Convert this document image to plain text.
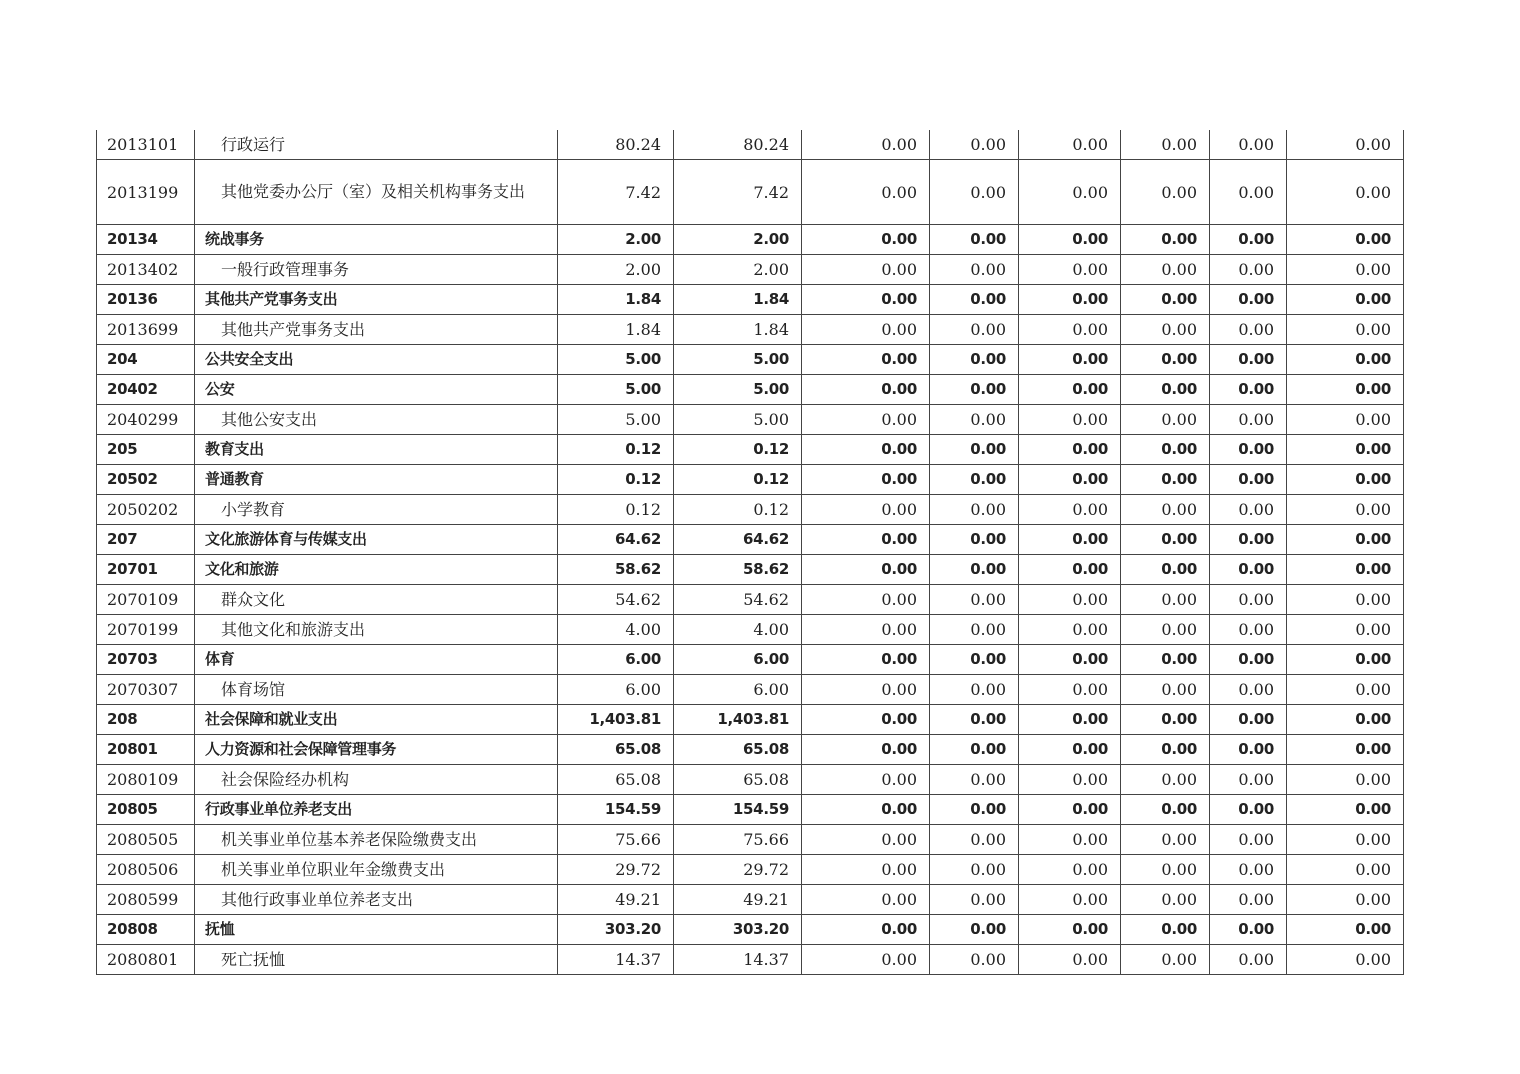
2013101	行政运行	80.24	80.24	0.00	0.00	0.00	0.00	0.00	0.00
2013199	其他党委办公厅（室）及相关机构事务支出	7.42	7.42	0.00	0.00	0.00	0.00	0.00	0.00
20134	统战事务	2.00	2.00	0.00	0.00	0.00	0.00	0.00	0.00
2013402	一般行政管理事务	2.00	2.00	0.00	0.00	0.00	0.00	0.00	0.00
20136	其他共产党事务支出	1.84	1.84	0.00	0.00	0.00	0.00	0.00	0.00
2013699	其他共产党事务支出	1.84	1.84	0.00	0.00	0.00	0.00	0.00	0.00
204	公共安全支出	5.00	5.00	0.00	0.00	0.00	0.00	0.00	0.00
20402	公安	5.00	5.00	0.00	0.00	0.00	0.00	0.00	0.00
2040299	其他公安支出	5.00	5.00	0.00	0.00	0.00	0.00	0.00	0.00
205	教育支出	0.12	0.12	0.00	0.00	0.00	0.00	0.00	0.00
20502	普通教育	0.12	0.12	0.00	0.00	0.00	0.00	0.00	0.00
2050202	小学教育	0.12	0.12	0.00	0.00	0.00	0.00	0.00	0.00
207	文化旅游体育与传媒支出	64.62	64.62	0.00	0.00	0.00	0.00	0.00	0.00
20701	文化和旅游	58.62	58.62	0.00	0.00	0.00	0.00	0.00	0.00
2070109	群众文化	54.62	54.62	0.00	0.00	0.00	0.00	0.00	0.00
2070199	其他文化和旅游支出	4.00	4.00	0.00	0.00	0.00	0.00	0.00	0.00
20703	体育	6.00	6.00	0.00	0.00	0.00	0.00	0.00	0.00
2070307	体育场馆	6.00	6.00	0.00	0.00	0.00	0.00	0.00	0.00
208	社会保障和就业支出	1,403.81	1,403.81	0.00	0.00	0.00	0.00	0.00	0.00
20801	人力资源和社会保障管理事务	65.08	65.08	0.00	0.00	0.00	0.00	0.00	0.00
2080109	社会保险经办机构	65.08	65.08	0.00	0.00	0.00	0.00	0.00	0.00
20805	行政事业单位养老支出	154.59	154.59	0.00	0.00	0.00	0.00	0.00	0.00
2080505	机关事业单位基本养老保险缴费支出	75.66	75.66	0.00	0.00	0.00	0.00	0.00	0.00
2080506	机关事业单位职业年金缴费支出	29.72	29.72	0.00	0.00	0.00	0.00	0.00	0.00
2080599	其他行政事业单位养老支出	49.21	49.21	0.00	0.00	0.00	0.00	0.00	0.00
20808	抚恤	303.20	303.20	0.00	0.00	0.00	0.00	0.00	0.00
2080801	死亡抚恤	14.37	14.37	0.00	0.00	0.00	0.00	0.00	0.00
